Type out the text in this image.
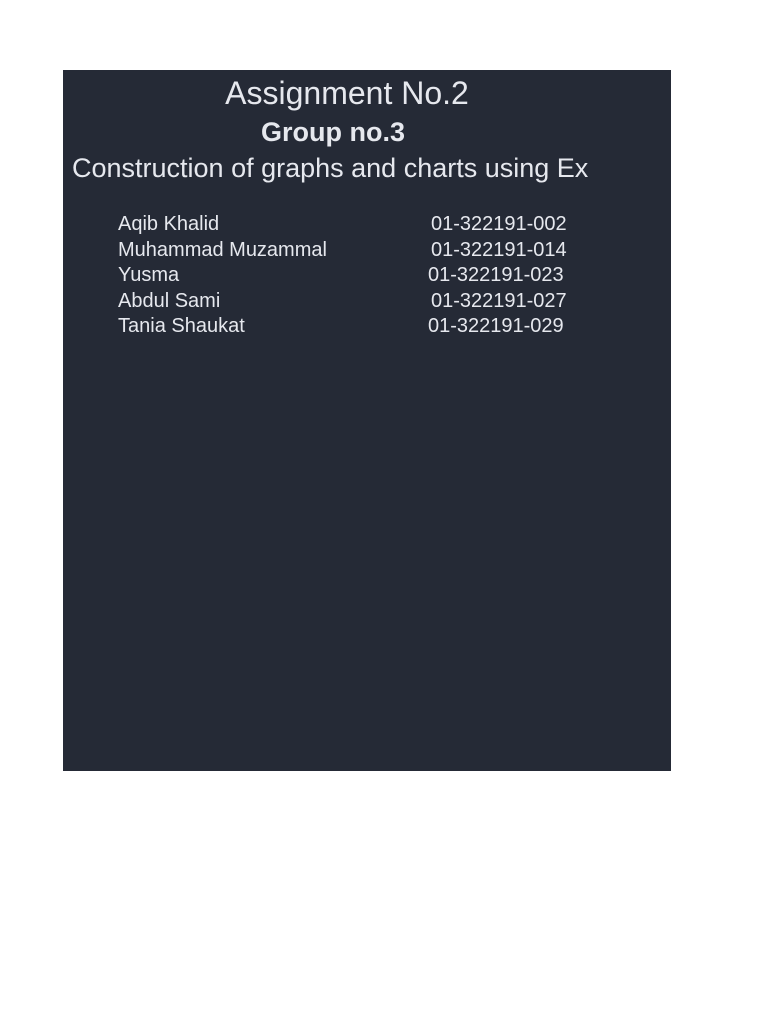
Assignment No.2
Group no.3
Construction of graphs and charts using Ex
Aqib Khalid	01-322191-002
Muhammad Muzammal	01-322191-014
Yusma	01-322191-023
Abdul Sami	01-322191-027
Tania Shaukat	01-322191-029
